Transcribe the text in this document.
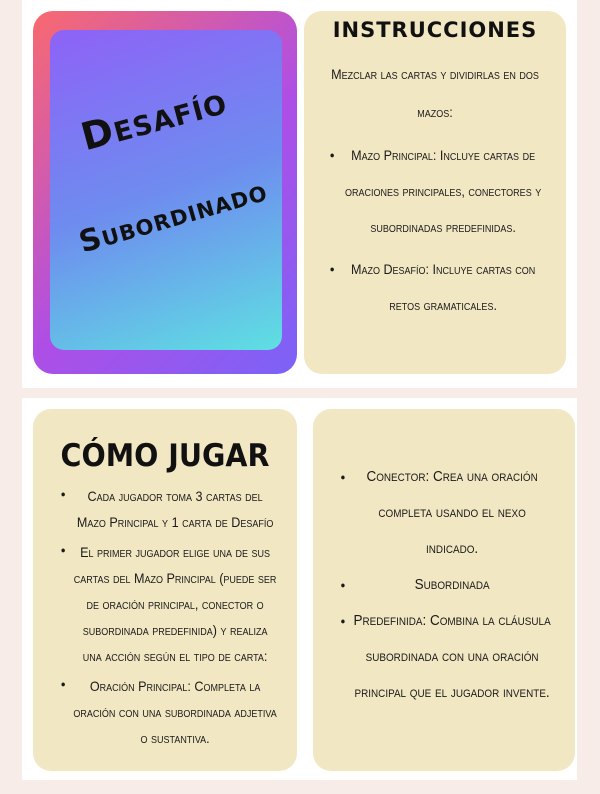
Desafío
Subordinado
INSTRUCCIONES

Mezclar las cartas y dividirlas en dos mazos:

● Mazo Principal: Incluye cartas de oraciones principales, conectores y subordinadas predefinidas.
● Mazo Desafío: Incluye cartas con retos gramaticales.
CÓMO JUGAR
● Cada jugador toma 3 cartas del Mazo Principal y 1 carta de Desafío
● El primer jugador elige una de sus cartas del Mazo Principal (puede ser de oración principal, conector o subordinada predefinida) y realiza una acción según el tipo de carta:
● Oración Principal: Completa la oración con una subordinada adjetiva o sustantiva.
● Conector: Crea una oración completa usando el nexo indicado.
● Subordinada
● Predefinida: Combina la cláusula subordinada con una oración principal que el jugador invente.
